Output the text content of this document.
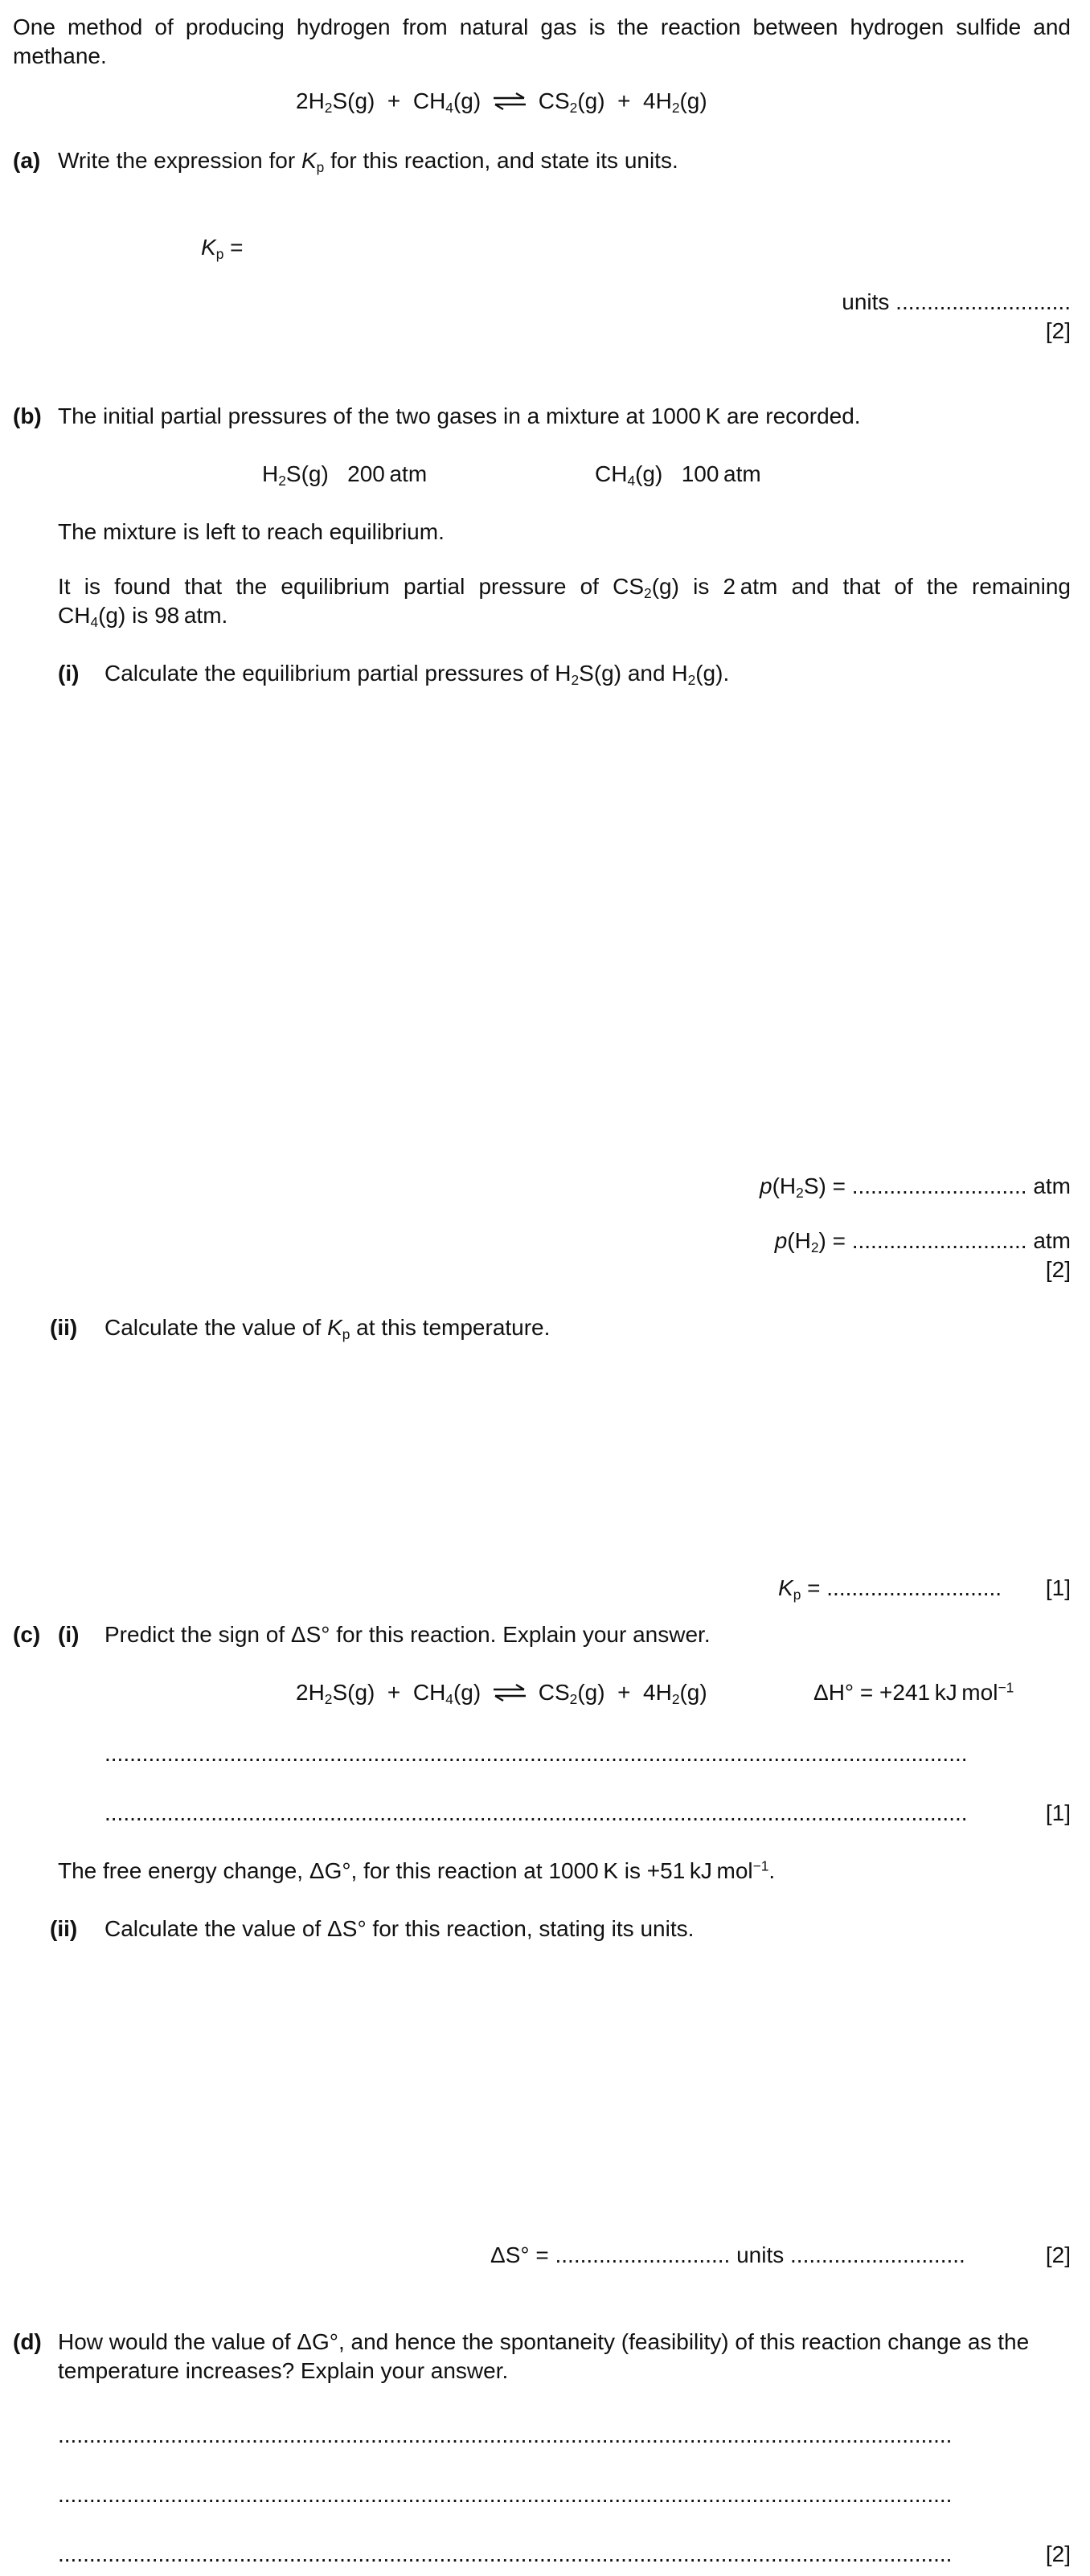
One method of producing hydrogen from natural gas is the reaction between hydrogen sulfide and methane.
$2H_2S(g) + CH_4(g)$ ⇌ $CS_2(g) + 4H_2(g)$
(a) Write the expression for $K_p$ for this reaction, and state its units.
$K_p$ =
units ............................
[2]
(b) The initial partial pressures of the two gases in a mixture at 1000 K are recorded.
$H_2S(g)$ 200 atm	$CH_4(g)$ 100 atm
The mixture is left to reach equilibrium.
It is found that the equilibrium partial pressure of $CS_2(g)$ is 2 atm and that of the remaining
$CH_4(g)$ is 98 atm.
(i) Calculate the equilibrium partial pressures of $H_2S(g)$ and $H_2(g)$.
$p(H_2S)$ = ............................ atm
$p(H_2)$ = ............................ atm
[2]
(ii) Calculate the value of $K_p$ at this temperature.
$K_p$ = ............................ [1]
(c) (i) Predict the sign of ΔS° for this reaction. Explain your answer.
$2H_2S(g) + CH_4(g)$ ⇌ $CS_2(g) + 4H_2(g)$	ΔH° = +241 kJ mol$^{-1}$
..........................................................................................................................................
..........................................................................................................................................	[1]
The free energy change, ΔG°, for this reaction at 1000 K is +51 kJ mol$^{-1}$.
(ii) Calculate the value of ΔS° for this reaction, stating its units.
ΔS° = ............................ units ............................	[2]
(d) How would the value of ΔG°, and hence the spontaneity (feasibility) of this reaction change as the temperature increases? Explain your answer.
...............................................................................................................................................
...............................................................................................................................................
...............................................................................................................................................	[2]
